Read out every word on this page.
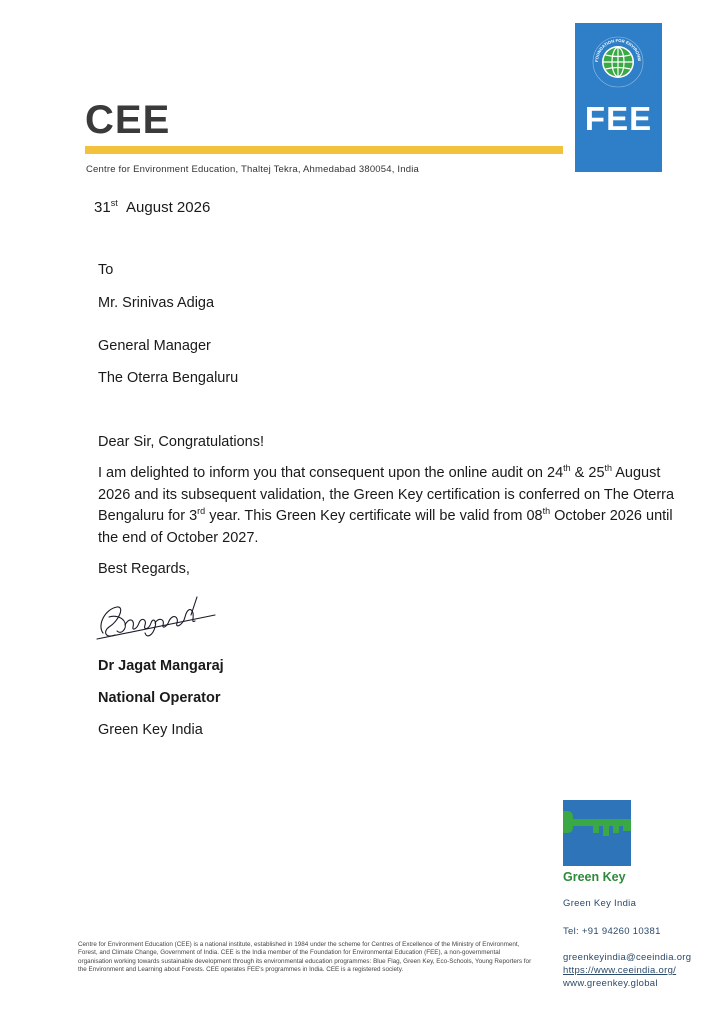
CEE
Centre for Environment Education, Thaltej Tekra, Ahmedabad 380054, India
FOUNDATION FOR ENVIRONM
FEE
31st August 2026
To
Mr. Srinivas Adiga
General Manager
The Oterra Bengaluru
Dear Sir, Congratulations!
I am delighted to inform you that consequent upon the online audit on 24th & 25th August 2026 and its subsequent validation, the Green Key certification is conferred on The Oterra Bengaluru for 3rd year. This Green Key certificate will be valid from 08th October 2026 until the end of October 2027.
Best Regards,
Dr Jagat Mangaraj
National Operator
Green Key India
Green Key
Green Key India
Tel: +91 94260 10381
greenkeyindia@ceeindia.org
https://www.ceeindia.org/
www.greenkey.global
Centre for Environment Education (CEE) is a national institute, established in 1984 under the scheme for Centres of Excellence of the Ministry of Environment, Forest, and Climate Change, Government of India. CEE is the India member of the Foundation for Environmental Education (FEE), a non-governmental organisation working towards sustainable development through its environmental education programmes: Blue Flag, Green Key, Eco-Schools, Young Reporters for the Environment and Learning about Forests. CEE operates FEE's programmes in India. CEE is a registered society.
